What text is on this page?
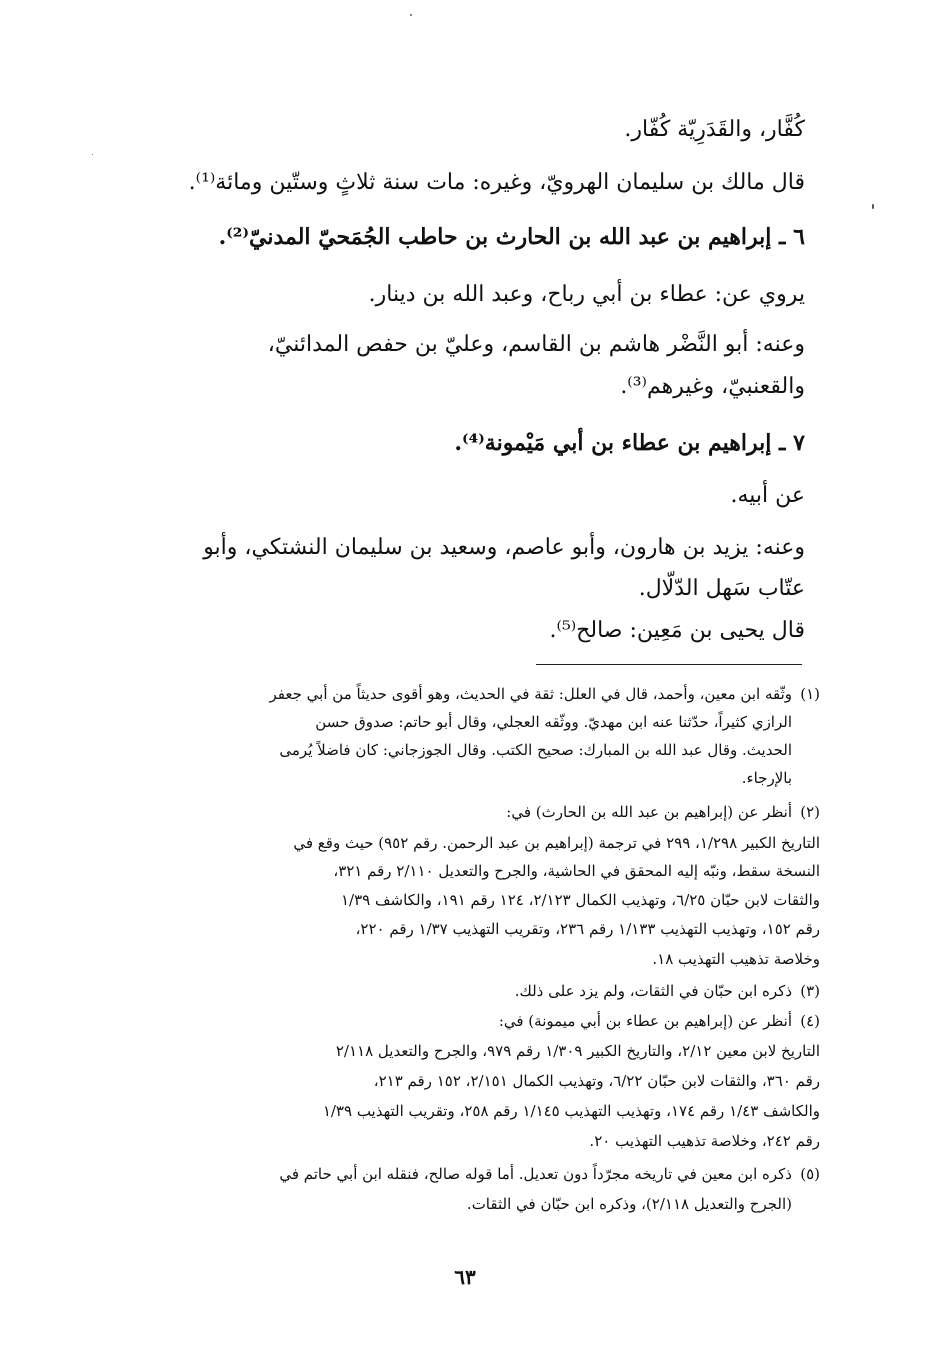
كُفَّار، والقَدَرِيّة كُفّار.
قال مالك بن سليمان الهرويّ، وغيره: مات سنة ثلاثٍ وستّين ومائة⁽¹⁾.
٦ ـ إبراهيم بن عبد الله بن الحارث بن حاطب الجُمَحيّ المدنيّ⁽²⁾.
يروي عن: عطاء بن أبي رباح، وعبد الله بن دينار.
وعنه: أبو النَّضْر هاشم بن القاسم، وعليّ بن حفص المدائنيّ،
والقعنبيّ، وغيرهم⁽³⁾.
٧ ـ إبراهيم بن عطاء بن أبي مَيْمونة⁽⁴⁾.
عن أبيه.
وعنه: يزيد بن هارون، وأبو عاصم، وسعيد بن سليمان النشتكي، وأبو
عتّاب سَهل الدّلّال.
قال يحيى بن مَعِين: صالح⁽⁵⁾.
(١)
وثّقه ابن معين، وأحمد، قال في العلل: ثقة في الحديث، وهو أقوى حديثاً من أبي جعفر
الرازي كثيراً، حدّثنا عنه ابن مهديّ. ووثّقه العجلي، وقال أبو حاتم: صدوق حسن
الحديث. وقال عبد الله بن المبارك: صحيح الكتب. وقال الجوزجاني: كان فاضلاً يُرمى
بالإرجاء.
(٢)
أنظر عن (إبراهيم بن عبد الله بن الحارث) في:
التاريخ الكبير ١/٢٩٨، ٢٩٩ في ترجمة (إبراهيم بن عبد الرحمن. رقم ٩٥٢) حيث وقع في
النسخة سقط، ونبّه إليه المحقق في الحاشية، والجرح والتعديل ٢/١١٠ رقم ٣٢١،
والثقات لابن حبّان ٦/٢٥، وتهذيب الكمال ٢/١٢٣، ١٢٤ رقم ١٩١، والكاشف ١/٣٩
رقم ١٥٢، وتهذيب التهذيب ١/١٣٣ رقم ٢٣٦، وتقريب التهذيب ١/٣٧ رقم ٢٢٠،
وخلاصة تذهيب التهذيب ١٨.
(٣)
ذكره ابن حبّان في الثقات، ولم يزد على ذلك.
(٤)
أنظر عن (إبراهيم بن عطاء بن أبي ميمونة) في:
التاريخ لابن معين ٢/١٢، والتاريخ الكبير ١/٣٠٩ رقم ٩٧٩، والجرح والتعديل ٢/١١٨
رقم ٣٦٠، والثقات لابن حبّان ٦/٢٢، وتهذيب الكمال ٢/١٥١، ١٥٢ رقم ٢١٣،
والكاشف ١/٤٣ رقم ١٧٤، وتهذيب التهذيب ١/١٤٥ رقم ٢٥٨، وتقريب التهذيب ١/٣٩
رقم ٢٤٢، وخلاصة تذهيب التهذيب ٢٠.
(٥)
ذكره ابن معين في تاريخه مجرّداً دون تعديل. أما قوله صالح، فنقله ابن أبي حاتم في
(الجرح والتعديل ٢/١١٨)، وذكره ابن حبّان في الثقات.
٦٣
